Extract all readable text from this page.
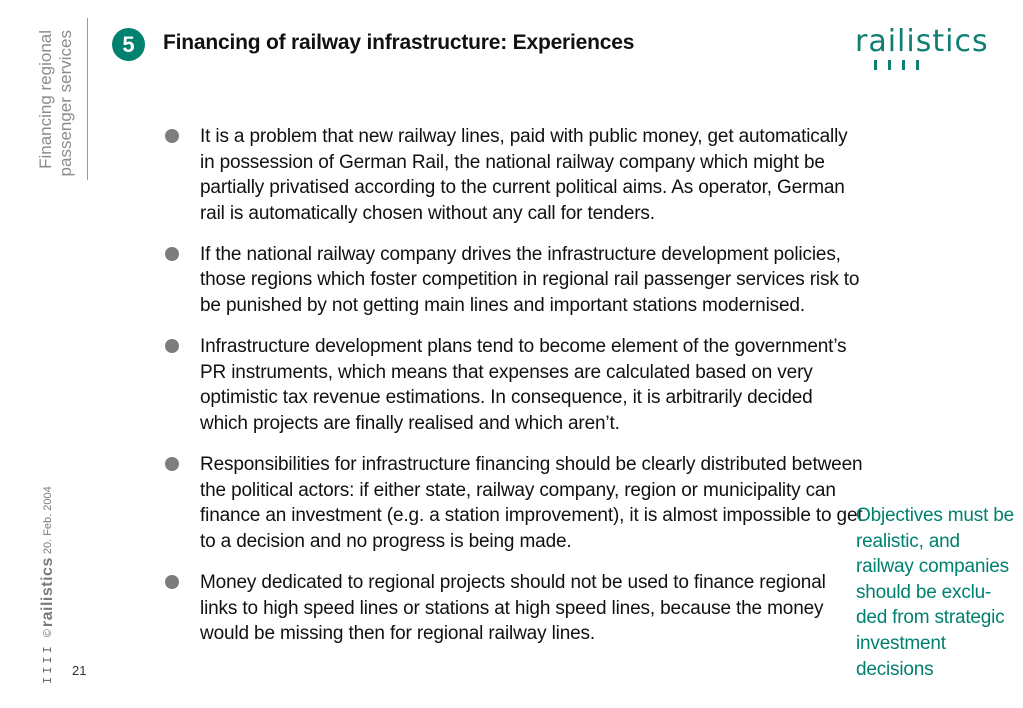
Financing regional passenger services	5	Financing of railway infrastructure: Experiences	railistics
It is a problem that new railway lines, paid with public money, get automatically in possession of German Rail, the national railway company which might be partially privatised according to the current political aims. As operator, German rail is automatically chosen without any call for tenders.
If the national railway company drives the infrastructure development policies, those regions which foster competition in regional rail passenger services risk to be punished by not getting main lines and important stations modernised.
Infrastructure development plans tend to become element of the government’s PR instruments, which means that expenses are calculated based on very optimistic tax revenue estimations. In consequence, it is arbitrarily decided which projects are finally realised and which aren’t.
Responsibilities for infrastructure financing should be clearly distributed between the political actors: if either state, railway company, region or municipality can finance an investment (e.g. a station improvement), it is almost impossible to get to a decision and no progress is being made.
Money dedicated to regional projects should not be used to finance regional links to high speed lines or stations at high speed lines, because the money would be missing then for regional railway lines.
Objectives must be realistic, and railway companies should be exclu-ded from strategic investment decisions
IIII
©
railistics
20. Feb. 2004
21
